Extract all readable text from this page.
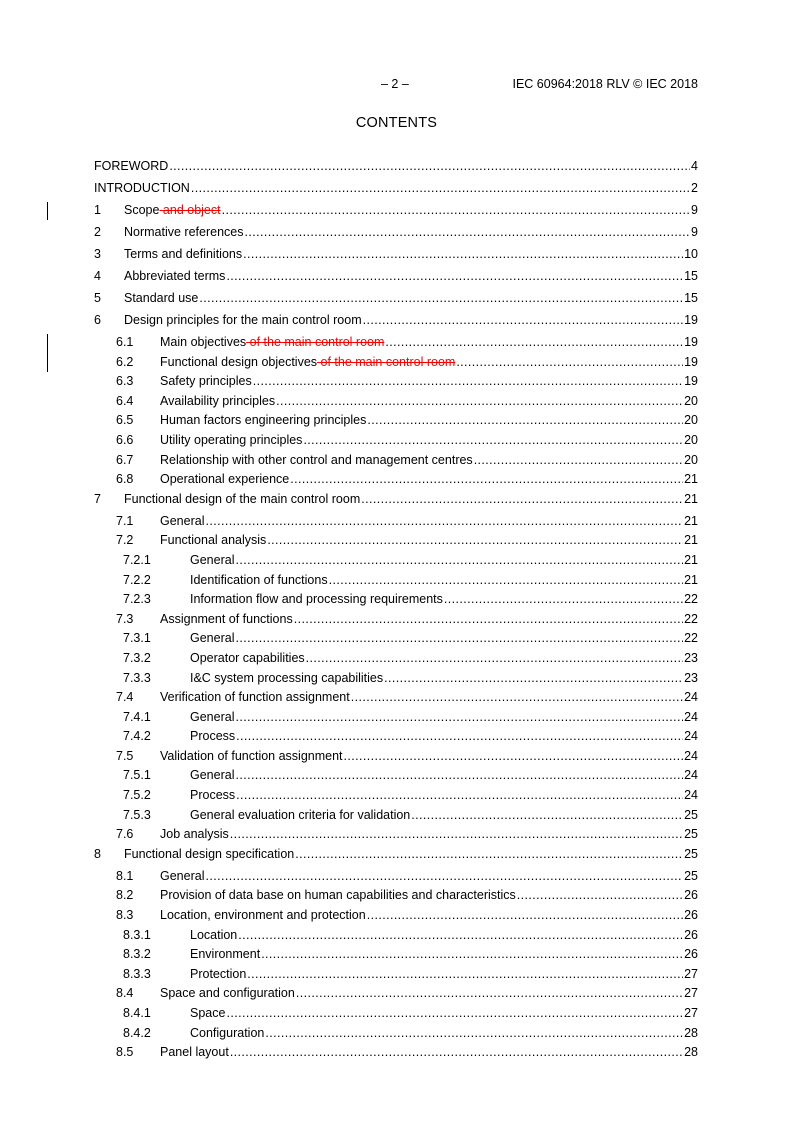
– 2 –	IEC 60964:2018 RLV © IEC 2018
CONTENTS
FOREWORD .....	4
INTRODUCTION .....	2
1 Scope and object .....	9
2 Normative references .....	9
3 Terms and definitions .....	10
4 Abbreviated terms .....	15
5 Standard use .....	15
6 Design principles for the main control room .....	19
6.1 Main objectives of the main control room .....	19
6.2 Functional design objectives of the main control room .....	19
6.3 Safety principles .....	19
6.4 Availability principles .....	20
6.5 Human factors engineering principles .....	20
6.6 Utility operating principles .....	20
6.7 Relationship with other control and management centres .....	20
6.8 Operational experience .....	21
7 Functional design of the main control room .....	21
7.1 General .....	21
7.2 Functional analysis .....	21
7.2.1	General .....	21
7.2.2	Identification of functions .....	21
7.2.3	Information flow and processing requirements .....	22
7.3 Assignment of functions .....	22
7.3.1	General .....	22
7.3.2	Operator capabilities .....	23
7.3.3	I&C system processing capabilities .....	23
7.4 Verification of function assignment .....	24
7.4.1	General .....	24
7.4.2	Process .....	24
7.5 Validation of function assignment .....	24
7.5.1	General .....	24
7.5.2	Process .....	24
7.5.3	General evaluation criteria for validation .....	25
7.6 Job analysis .....	25
8 Functional design specification .....	25
8.1 General .....	25
8.2 Provision of data base on human capabilities and characteristics .....	26
8.3 Location, environment and protection .....	26
8.3.1	Location .....	26
8.3.2	Environment .....	26
8.3.3	Protection .....	27
8.4 Space and configuration .....	27
8.4.1	Space .....	27
8.4.2	Configuration .....	28
8.5 Panel layout .....	28
